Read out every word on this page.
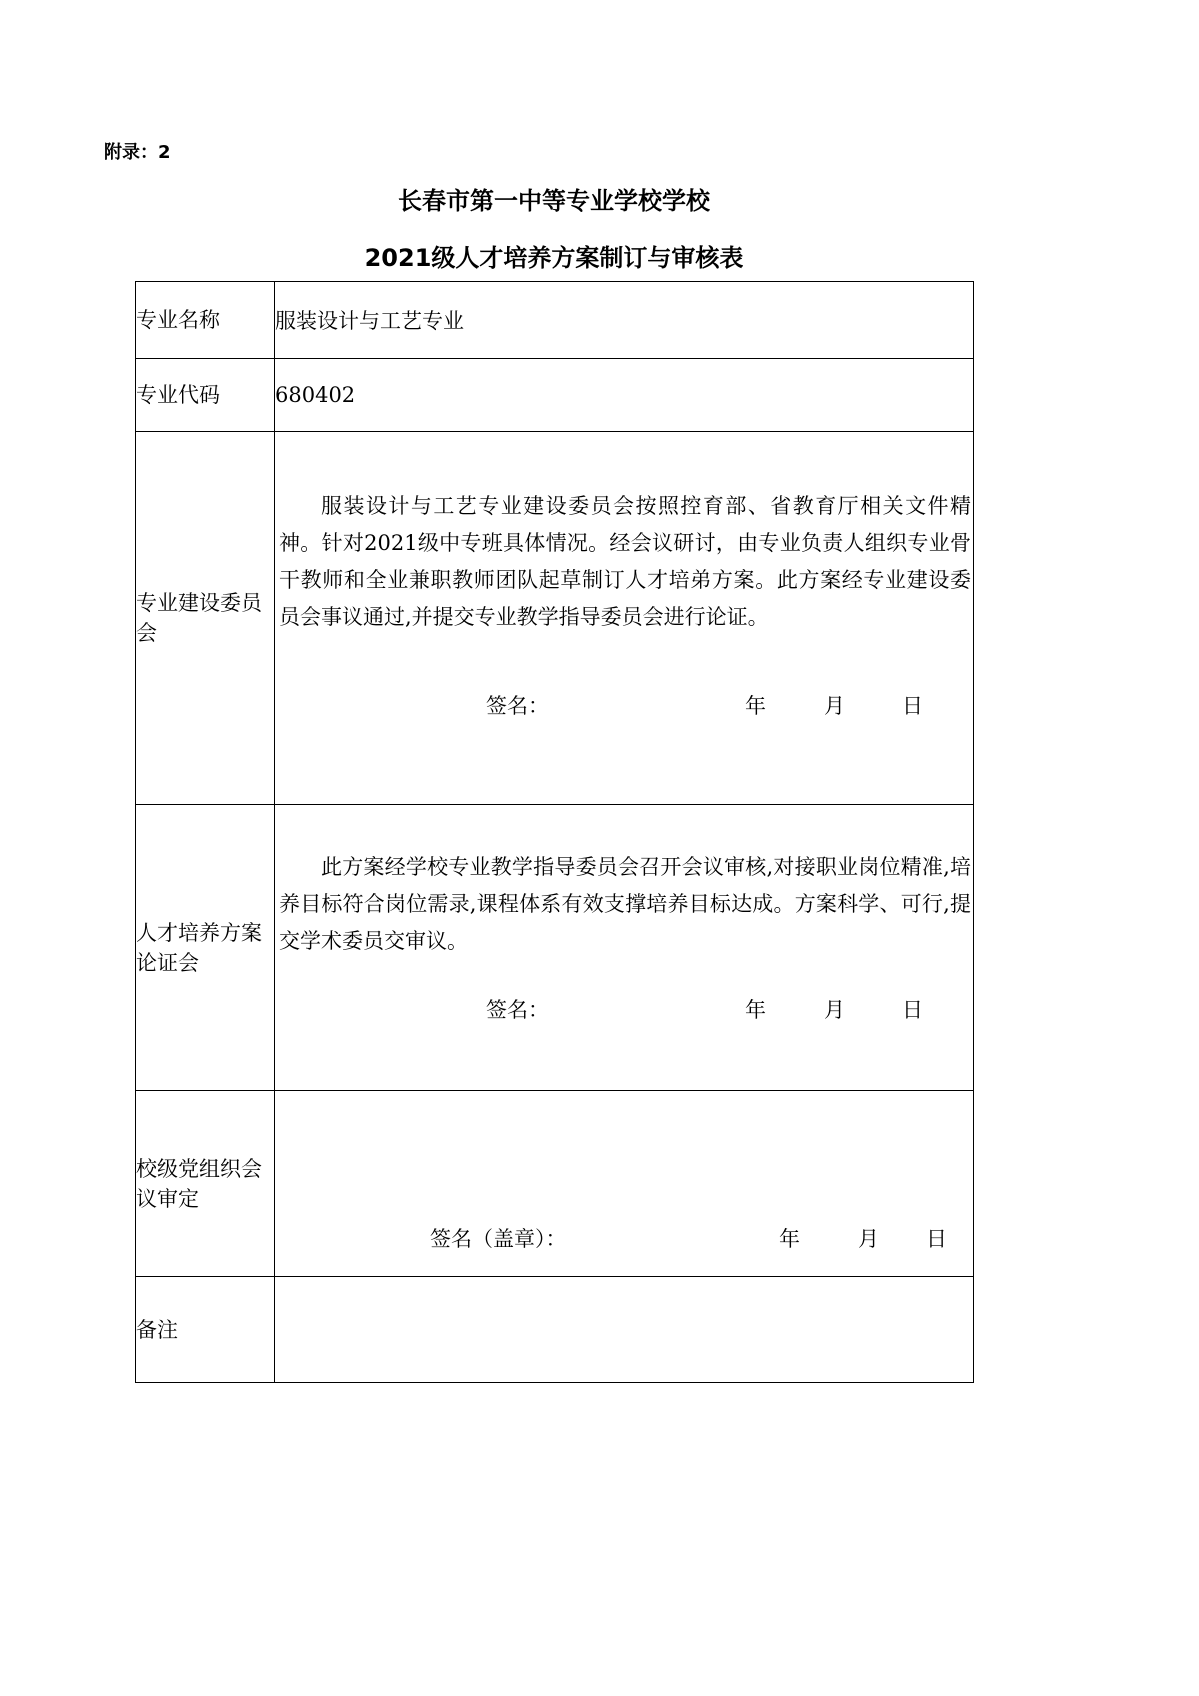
附录：2
长春市第一中等专业学校学校
2021级人才培养方案制订与审核表
专业名称	服装设计与工艺专业
专业代码	680402
专业建设委员会	服装设计与工艺专业建设委员会按照控育部、省教育厅相关文件精神。针对2021级中专班具体情况。经会议研讨，由专业负责人组织专业骨干教师和全业兼职教师团队起草制订人才培弟方案。此方案经专业建设委员会事议通过,并提交专业教学指导委员会进行论证。
签名： 年 月 日

人才培养方案论证会	此方案经学校专业教学指导委员会召开会议审核,对接职业岗位精准,培养目标符合岗位需录,课程体系有效支撑培养目标达成。方案科学、可行,提交学术委员交审议。
签名： 年 月 日

校级党组织会议审定	签名（盖章）： 年 月 日

备注	
